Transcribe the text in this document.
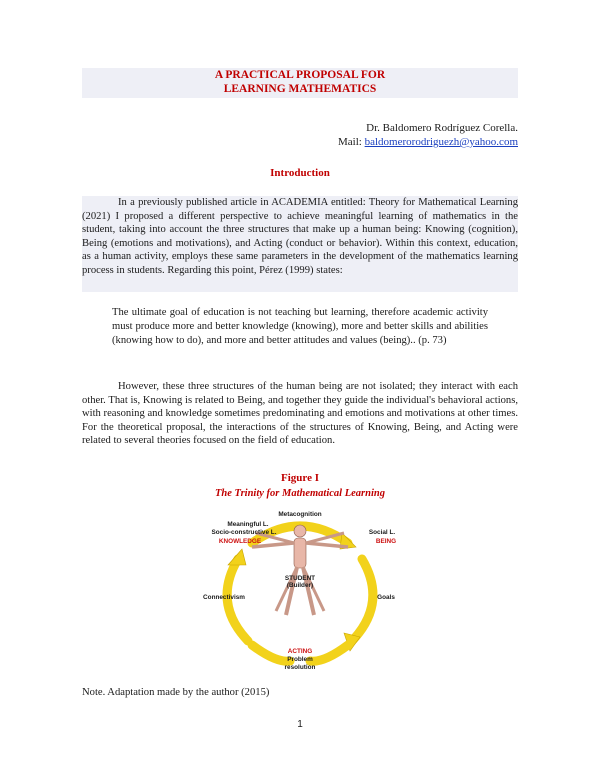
A PRACTICAL PROPOSAL FOR
LEARNING MATHEMATICS
Dr. Baldomero Rodríguez Corella.
Mail: baldomerorodriguezh@yahoo.com
Introduction
In a previously published article in ACADEMIA entitled: Theory for Mathematical Learning (2021) I proposed a different perspective to achieve meaningful learning of mathematics in the student, taking into account the three structures that make up a human being: Knowing (cognition), Being (emotions and motivations), and Acting (conduct or behavior). Within this context, education, as a human activity, employs these same parameters in the development of the mathematics learning process in students. Regarding this point, Pérez (1999) states:
The ultimate goal of education is not teaching but learning, therefore academic activity must produce more and better knowledge (knowing), more and better skills and abilities (knowing how to do), and more and better attitudes and values (being).. (p. 73)
However, these three structures of the human being are not isolated; they interact with each other. That is, Knowing is related to Being, and together they guide the individual's behavioral actions, with reasoning and knowledge sometimes predominating and emotions and motivations at other times. For the theoretical proposal, the interactions of the structures of Knowing, Being, and Acting were related to several theories focused on the field of education.
Figure I
The Trinity for Mathematical Learning
Metacognition
Meaningful L.
Socio-constructive L.
KNOWLEDGE
Social L.
BEING
STUDENT
(Builder)
Connectivism	Goals
ACTING
Problem
resolution
Note. Adaptation made by the author (2015)
1
